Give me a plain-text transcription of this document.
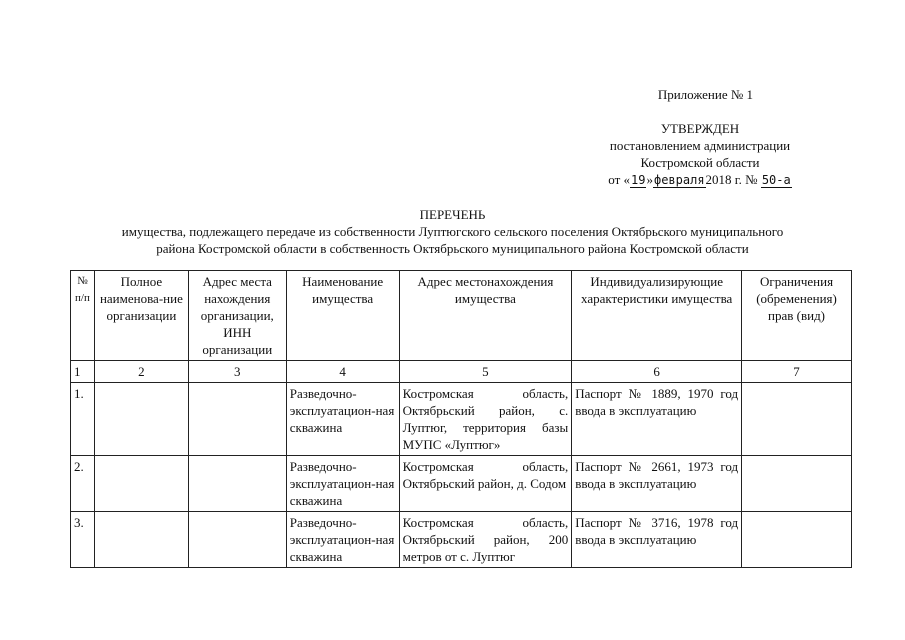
Приложение № 1
УТВЕРЖДЕН
постановлением администрации
Костромской области
от «19»февраля2018 г. № 50-а
ПЕРЕЧЕНЬ
имущества, подлежащего передаче из собственности Луптюгского сельского поселения Октябрьского муниципального
района Костромской области в собственность Октябрьского муниципального района Костромской области
№ п/п	Полное наименова-ние организации	Адрес места нахождения организации, ИНН организации	Наименование имущества	Адрес местонахождения имущества	Индивидуализирующие характеристики имущества	Ограничения (обременения) прав (вид)
1	2	3	4	5	6	7
1.			Разведочно-эксплуатацион-ная скважина	Костромская область, Октябрьский район, с. Луптюг, территория базы МУПС «Луптюг»	Паспорт № 1889, 1970 год ввода в эксплуатацию	
2.			Разведочно-эксплуатацион-ная скважина	Костромская область, Октябрьский район, д. Содом	Паспорт № 2661, 1973 год ввода в эксплуатацию	
3.			Разведочно-эксплуатацион-ная скважина	Костромская область, Октябрьский район, 200 метров от с. Луптюг	Паспорт № 3716, 1978 год ввода в эксплуатацию	
